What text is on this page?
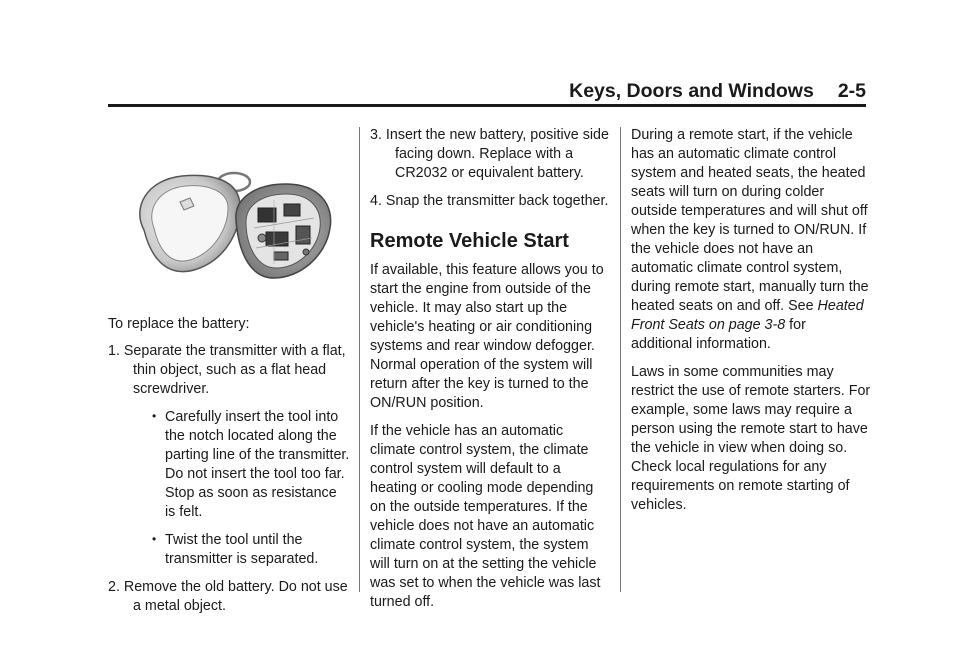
Keys, Doors and Windows 2-5

To replace the battery:

1. Separate the transmitter with a flat, thin object, such as a flat head screwdriver.

• Carefully insert the tool into the notch located along the parting line of the transmitter. Do not insert the tool too far. Stop as soon as resistance is felt.

• Twist the tool until the transmitter is separated.

2. Remove the old battery. Do not use a metal object.

3. Insert the new battery, positive side facing down. Replace with a CR2032 or equivalent battery.

4. Snap the transmitter back together.

Remote Vehicle Start

If available, this feature allows you to start the engine from outside of the vehicle. It may also start up the vehicle's heating or air conditioning systems and rear window defogger. Normal operation of the system will return after the key is turned to the ON/RUN position.

If the vehicle has an automatic climate control system, the climate control system will default to a heating or cooling mode depending on the outside temperatures. If the vehicle does not have an automatic climate control system, the system will turn on at the setting the vehicle was set to when the vehicle was last turned off.

During a remote start, if the vehicle has an automatic climate control system and heated seats, the heated seats will turn on during colder outside temperatures and will shut off when the key is turned to ON/RUN. If the vehicle does not have an automatic climate control system, during remote start, manually turn the heated seats on and off. See Heated Front Seats on page 3-8 for additional information.

Laws in some communities may restrict the use of remote starters. For example, some laws may require a person using the remote start to have the vehicle in view when doing so. Check local regulations for any requirements on remote starting of vehicles.
